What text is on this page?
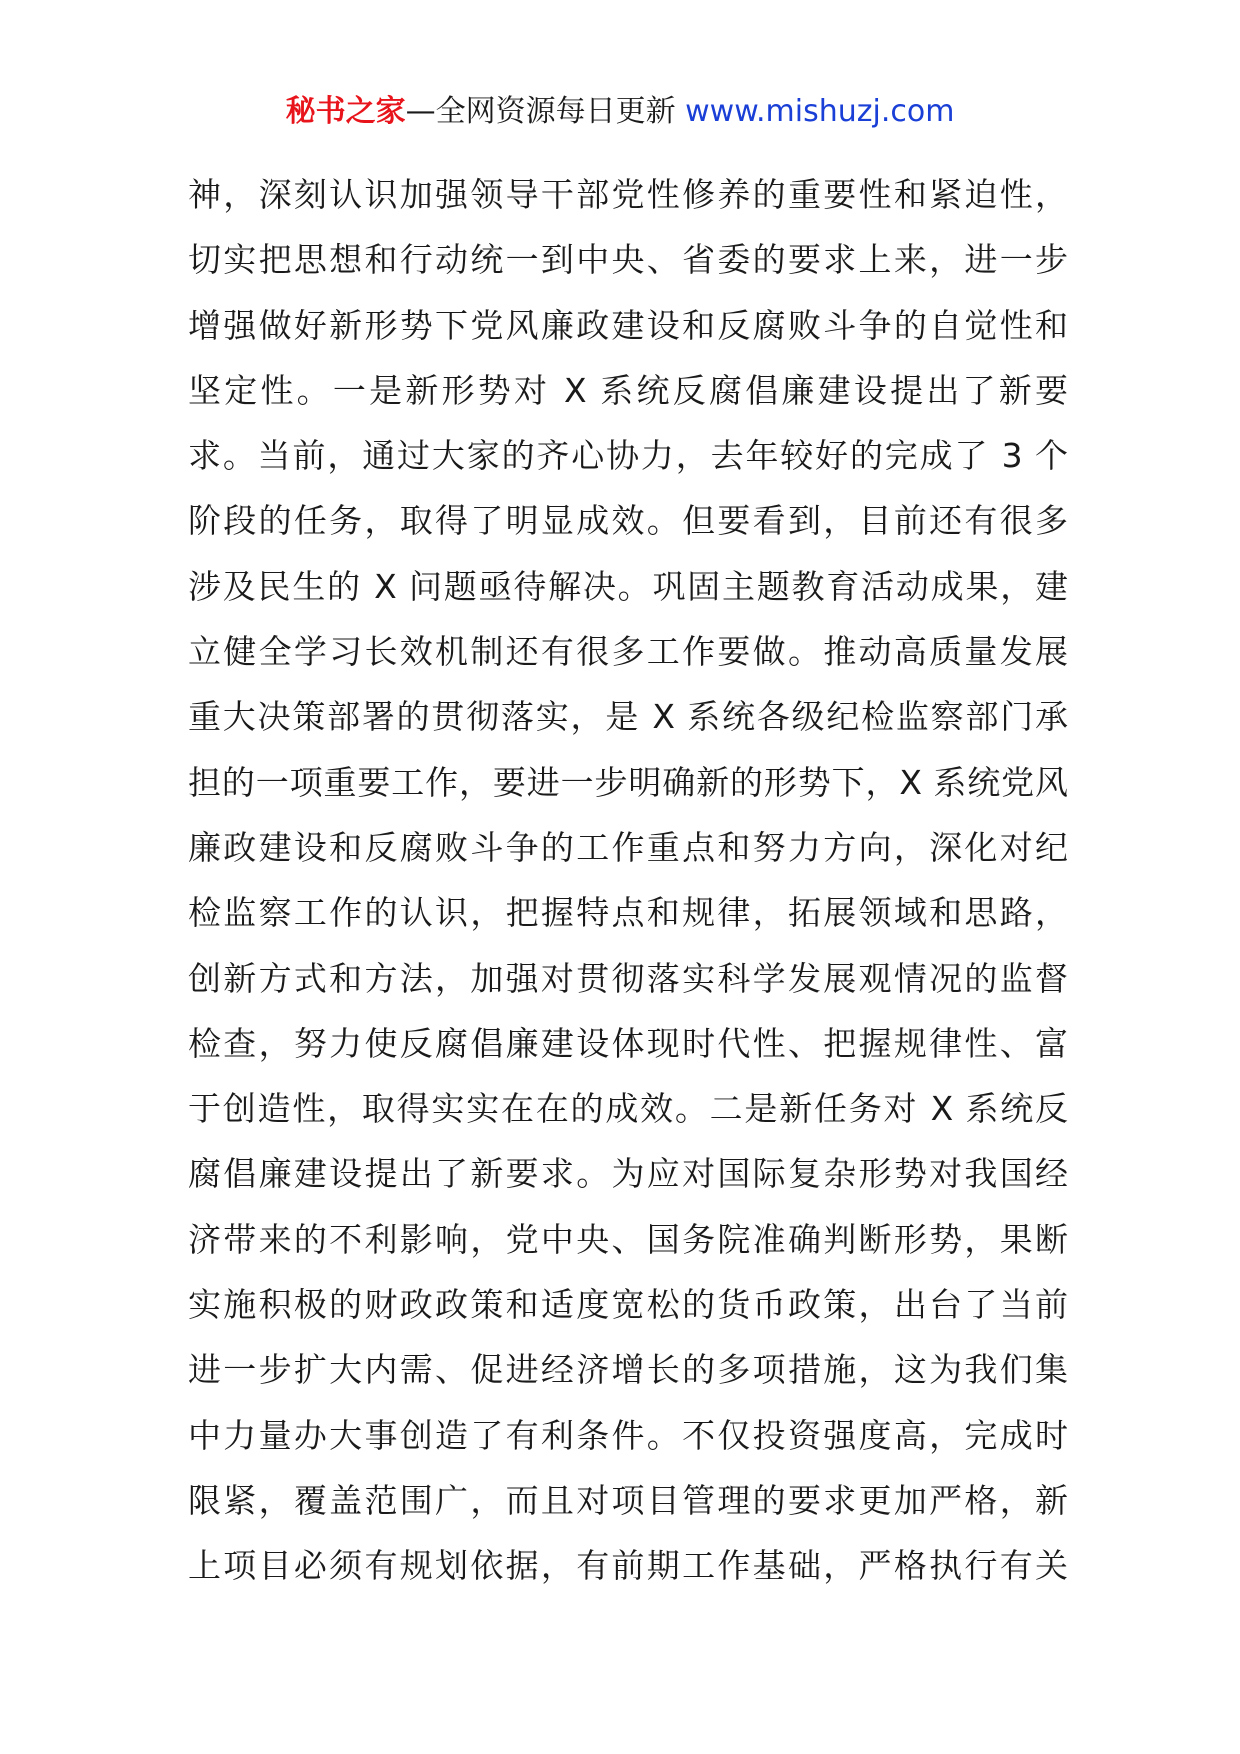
秘书之家—全网资源每日更新 www.mishuzj.com
神，深刻认识加强领导干部党性修养的重要性和紧迫性，
切实把思想和行动统一到中央、省委的要求上来，进一步
增强做好新形势下党风廉政建设和反腐败斗争的自觉性和
坚定性。一是新形势对 X 系统反腐倡廉建设提出了新要
求。当前，通过大家的齐心协力，去年较好的完成了 3 个
阶段的任务，取得了明显成效。但要看到，目前还有很多
涉及民生的 X 问题亟待解决。巩固主题教育活动成果，建
立健全学习长效机制还有很多工作要做。推动高质量发展
重大决策部署的贯彻落实，是 X 系统各级纪检监察部门承
担的一项重要工作，要进一步明确新的形势下，X 系统党风
廉政建设和反腐败斗争的工作重点和努力方向，深化对纪
检监察工作的认识，把握特点和规律，拓展领域和思路，
创新方式和方法，加强对贯彻落实科学发展观情况的监督
检查，努力使反腐倡廉建设体现时代性、把握规律性、富
于创造性，取得实实在在的成效。二是新任务对 X 系统反
腐倡廉建设提出了新要求。为应对国际复杂形势对我国经
济带来的不利影响，党中央、国务院准确判断形势，果断
实施积极的财政政策和适度宽松的货币政策，出台了当前
进一步扩大内需、促进经济增长的多项措施，这为我们集
中力量办大事创造了有利条件。不仅投资强度高，完成时
限紧，覆盖范围广，而且对项目管理的要求更加严格，新
上项目必须有规划依据，有前期工作基础，严格执行有关
